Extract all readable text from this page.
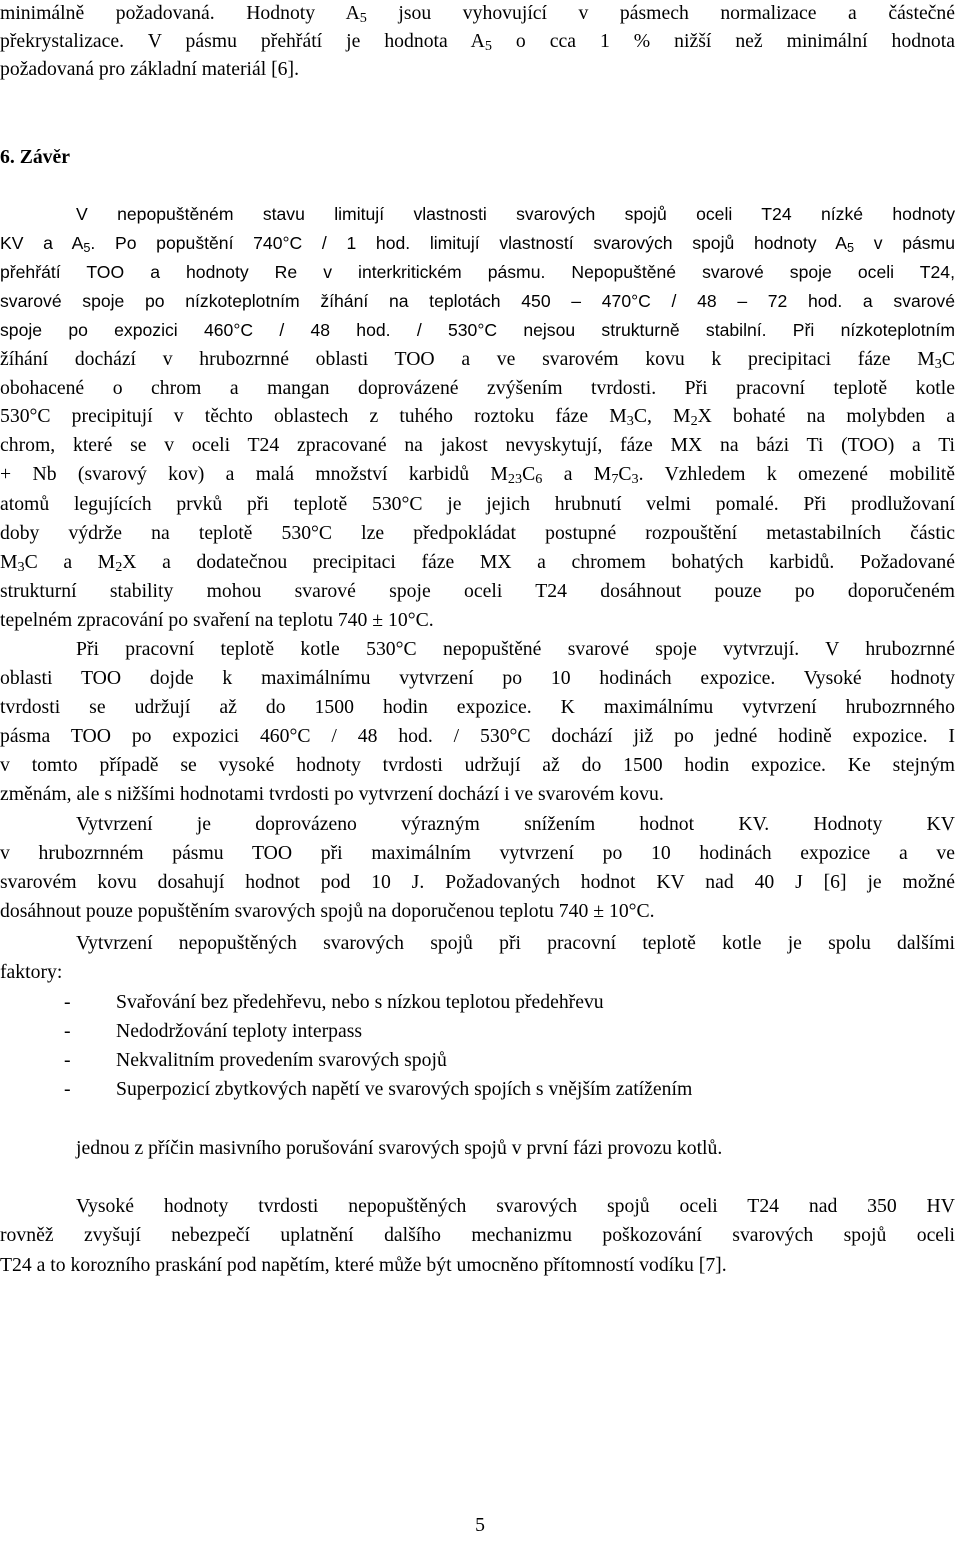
minimálně požadovaná. Hodnoty $A_5$ jsou vyhovující v pásmech normalizace a částečné
překrystalizace. V pásmu přehřátí je hodnota $A_5$ o cca 1 % nižší než minimální hodnota
požadovaná pro základní materiál [6].
6. Závěr
V nepopuštěném stavu limitují vlastnosti svarových spojů oceli T24 nízké hodnoty
KV a $A_5$. Po popuštění 740°C / 1 hod. limitují vlastností svarových spojů hodnoty $A_5$ v pásmu
přehřátí TOO a hodnoty Re v interkritickém pásmu. Nepopuštěné svarové spoje oceli T24,
svarové spoje po nízkoteplotním žíhání na teplotách 450 – 470°C / 48 – 72 hod. a svarové
spoje po expozici 460°C / 48 hod. / 530°C nejsou strukturně stabilní. Při nízkoteplotním
žíhání dochází v hrubozrnné oblasti TOO a ve svarovém kovu k precipitaci fáze $M_3C$
obohacené o chrom a mangan doprovázené zvýšením tvrdosti. Při pracovní teplotě kotle
530°C precipitují v těchto oblastech z tuhého roztoku fáze $M_3C$, $M_2X$ bohaté na molybden a
chrom, které se v oceli T24 zpracované na jakost nevyskytují, fáze MX na bázi Ti (TOO) a Ti
+ Nb (svarový kov) a malá množství karbidů $M_{23}C_6$ a $M_7C_3$. Vzhledem k omezené mobilitě
atomů legujících prvků při teplotě 530°C je jejich hrubnutí velmi pomalé. Při prodlužovaní
doby výdrže na teplotě 530°C lze předpokládat postupné rozpouštění metastabilních částic
$M_3C$ a $M_2X$ a dodatečnou precipitaci fáze MX a chromem bohatých karbidů. Požadované
strukturní stability mohou svarové spoje oceli T24 dosáhnout pouze po doporučeném
tepelném zpracování po svaření na teplotu 740 ± 10°C.
Při pracovní teplotě kotle 530°C nepopuštěné svarové spoje vytvrzují. V hrubozrnné
oblasti TOO dojde k maximálnímu vytvrzení po 10 hodinách expozice. Vysoké hodnoty
tvrdosti se udržují až do 1500 hodin expozice. K maximálnímu vytvrzení hrubozrnného
pásma TOO po expozici 460°C / 48 hod. / 530°C dochází již po jedné hodině expozice. I
v tomto případě se vysoké hodnoty tvrdosti udržují až do 1500 hodin expozice. Ke stejným
změnám, ale s nižšími hodnotami tvrdosti po vytvrzení dochází i ve svarovém kovu.
Vytvrzení je doprovázeno výrazným snížením hodnot KV. Hodnoty KV
v hrubozrnném pásmu TOO při maximálním vytvrzení po 10 hodinách expozice a ve
svarovém kovu dosahují hodnot pod 10 J. Požadovaných hodnot KV nad 40 J [6] je možné
dosáhnout pouze popuštěním svarových spojů na doporučenou teplotu 740 ± 10°C.
Vytvrzení nepopuštěných svarových spojů při pracovní teplotě kotle je spolu dalšími
faktory:
- Svařování bez předehřevu, nebo s nízkou teplotou předehřevu
- Nedodržování teploty interpass
- Nekvalitním provedením svarových spojů
- Superpozicí zbytkových napětí ve svarových spojích s vnějším zatížením
jednou z příčin masivního porušování svarových spojů v první fázi provozu kotlů.
Vysoké hodnoty tvrdosti nepopuštěných svarových spojů oceli T24 nad 350 HV
rovněž zvyšují nebezpečí uplatnění dalšího mechanizmu poškozování svarových spojů oceli
T24 a to korozního praskání pod napětím, které může být umocněno přítomností vodíku [7].
5
